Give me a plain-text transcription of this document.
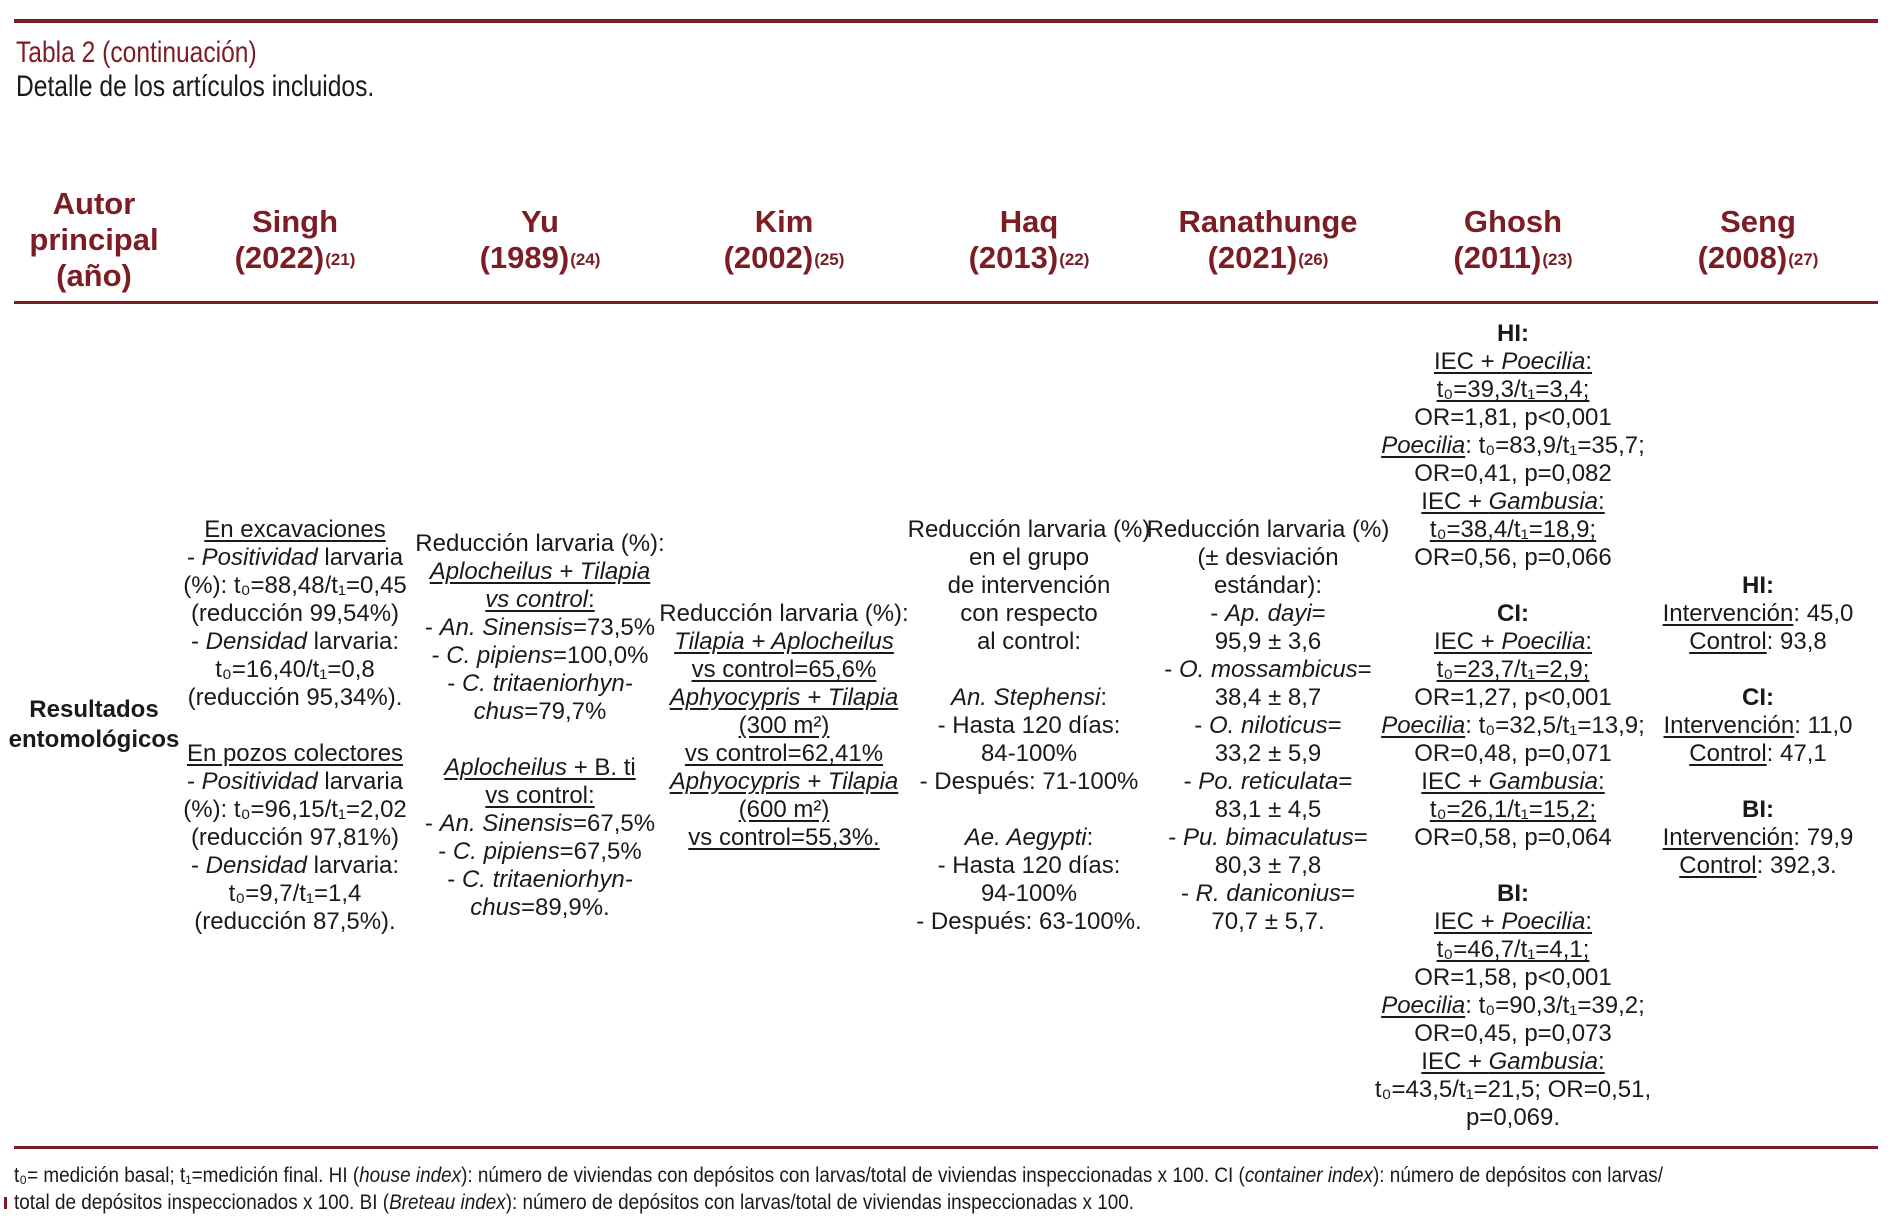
Tabla 2 (continuación)
Detalle de los artículos incluidos.
Autor
principal
(año)
Singh
(2022)$^{(21)}$
Yu
(1989)$^{(24)}$
Kim
(2002)$^{(25)}$
Haq
(2013)$^{(22)}$
Ranathunge
(2021)$^{(26)}$
Ghosh
(2011)$^{(23)}$
Seng
(2008)$^{(27)}$
Resultados
entomológicos
En excavaciones
- Positividad larvaria
(%): t₀=88,48/t₁=0,45
(reducción 99,54%)
- Densidad larvaria:
t₀=16,40/t₁=0,8
(reducción 95,34%).

En pozos colectores
- Positividad larvaria
(%): t₀=96,15/t₁=2,02
(reducción 97,81%)
- Densidad larvaria:
t₀=9,7/t₁=1,4
(reducción 87,5%).
Reducción larvaria (%):
Aplocheilus + Tilapia
vs control:
- An. Sinensis=73,5%
- C. pipiens=100,0%
- C. tritaeniorhyn-
chus=79,7%

Aplocheilus + B. ti
vs control:
- An. Sinensis=67,5%
- C. pipiens=67,5%
- C. tritaeniorhyn-
chus=89,9%.
Reducción larvaria (%):
Tilapia + Aplocheilus
vs control=65,6%
Aphyocypris + Tilapia
(300 m²)
vs control=62,41%
Aphyocypris + Tilapia
(600 m²)
vs control=55,3%.
Reducción larvaria (%)
en el grupo
de intervención
con respecto
al control:

An. Stephensi:
- Hasta 120 días:
84-100%
- Después: 71-100%

Ae. Aegypti:
- Hasta 120 días:
94-100%
- Después: 63-100%.
Reducción larvaria (%)
(± desviación
estándar):
- Ap. dayi=
95,9 ± 3,6
- O. mossambicus=
38,4 ± 8,7
- O. niloticus=
33,2 ± 5,9
- Po. reticulata=
83,1 ± 4,5
- Pu. bimaculatus=
80,3 ± 7,8
- R. daniconius=
70,7 ± 5,7.
HI:
IEC + Poecilia:
t₀=39,3/t₁=3,4;
OR=1,81, p<0,001
Poecilia: t₀=83,9/t₁=35,7;
OR=0,41, p=0,082
IEC + Gambusia:
t₀=38,4/t₁=18,9;
OR=0,56, p=0,066

CI:
IEC + Poecilia:
t₀=23,7/t₁=2,9;
OR=1,27, p<0,001
Poecilia: t₀=32,5/t₁=13,9;
OR=0,48, p=0,071
IEC + Gambusia:
t₀=26,1/t₁=15,2;
OR=0,58, p=0,064

BI:
IEC + Poecilia:
t₀=46,7/t₁=4,1;
OR=1,58, p<0,001
Poecilia: t₀=90,3/t₁=39,2;
OR=0,45, p=0,073
IEC + Gambusia:
t₀=43,5/t₁=21,5; OR=0,51,
p=0,069.
HI:
Intervención: 45,0
Control: 93,8

CI:
Intervención: 11,0
Control: 47,1

BI:
Intervención: 79,9
Control: 392,3.
t₀= medición basal; t₁=medición final. HI (house index): número de viviendas con depósitos con larvas/total de viviendas inspeccionadas x 100. CI (container index): número de depósitos con larvas/
total de depósitos inspeccionados x 100. BI (Breteau index): número de depósitos con larvas/total de viviendas inspeccionadas x 100.
